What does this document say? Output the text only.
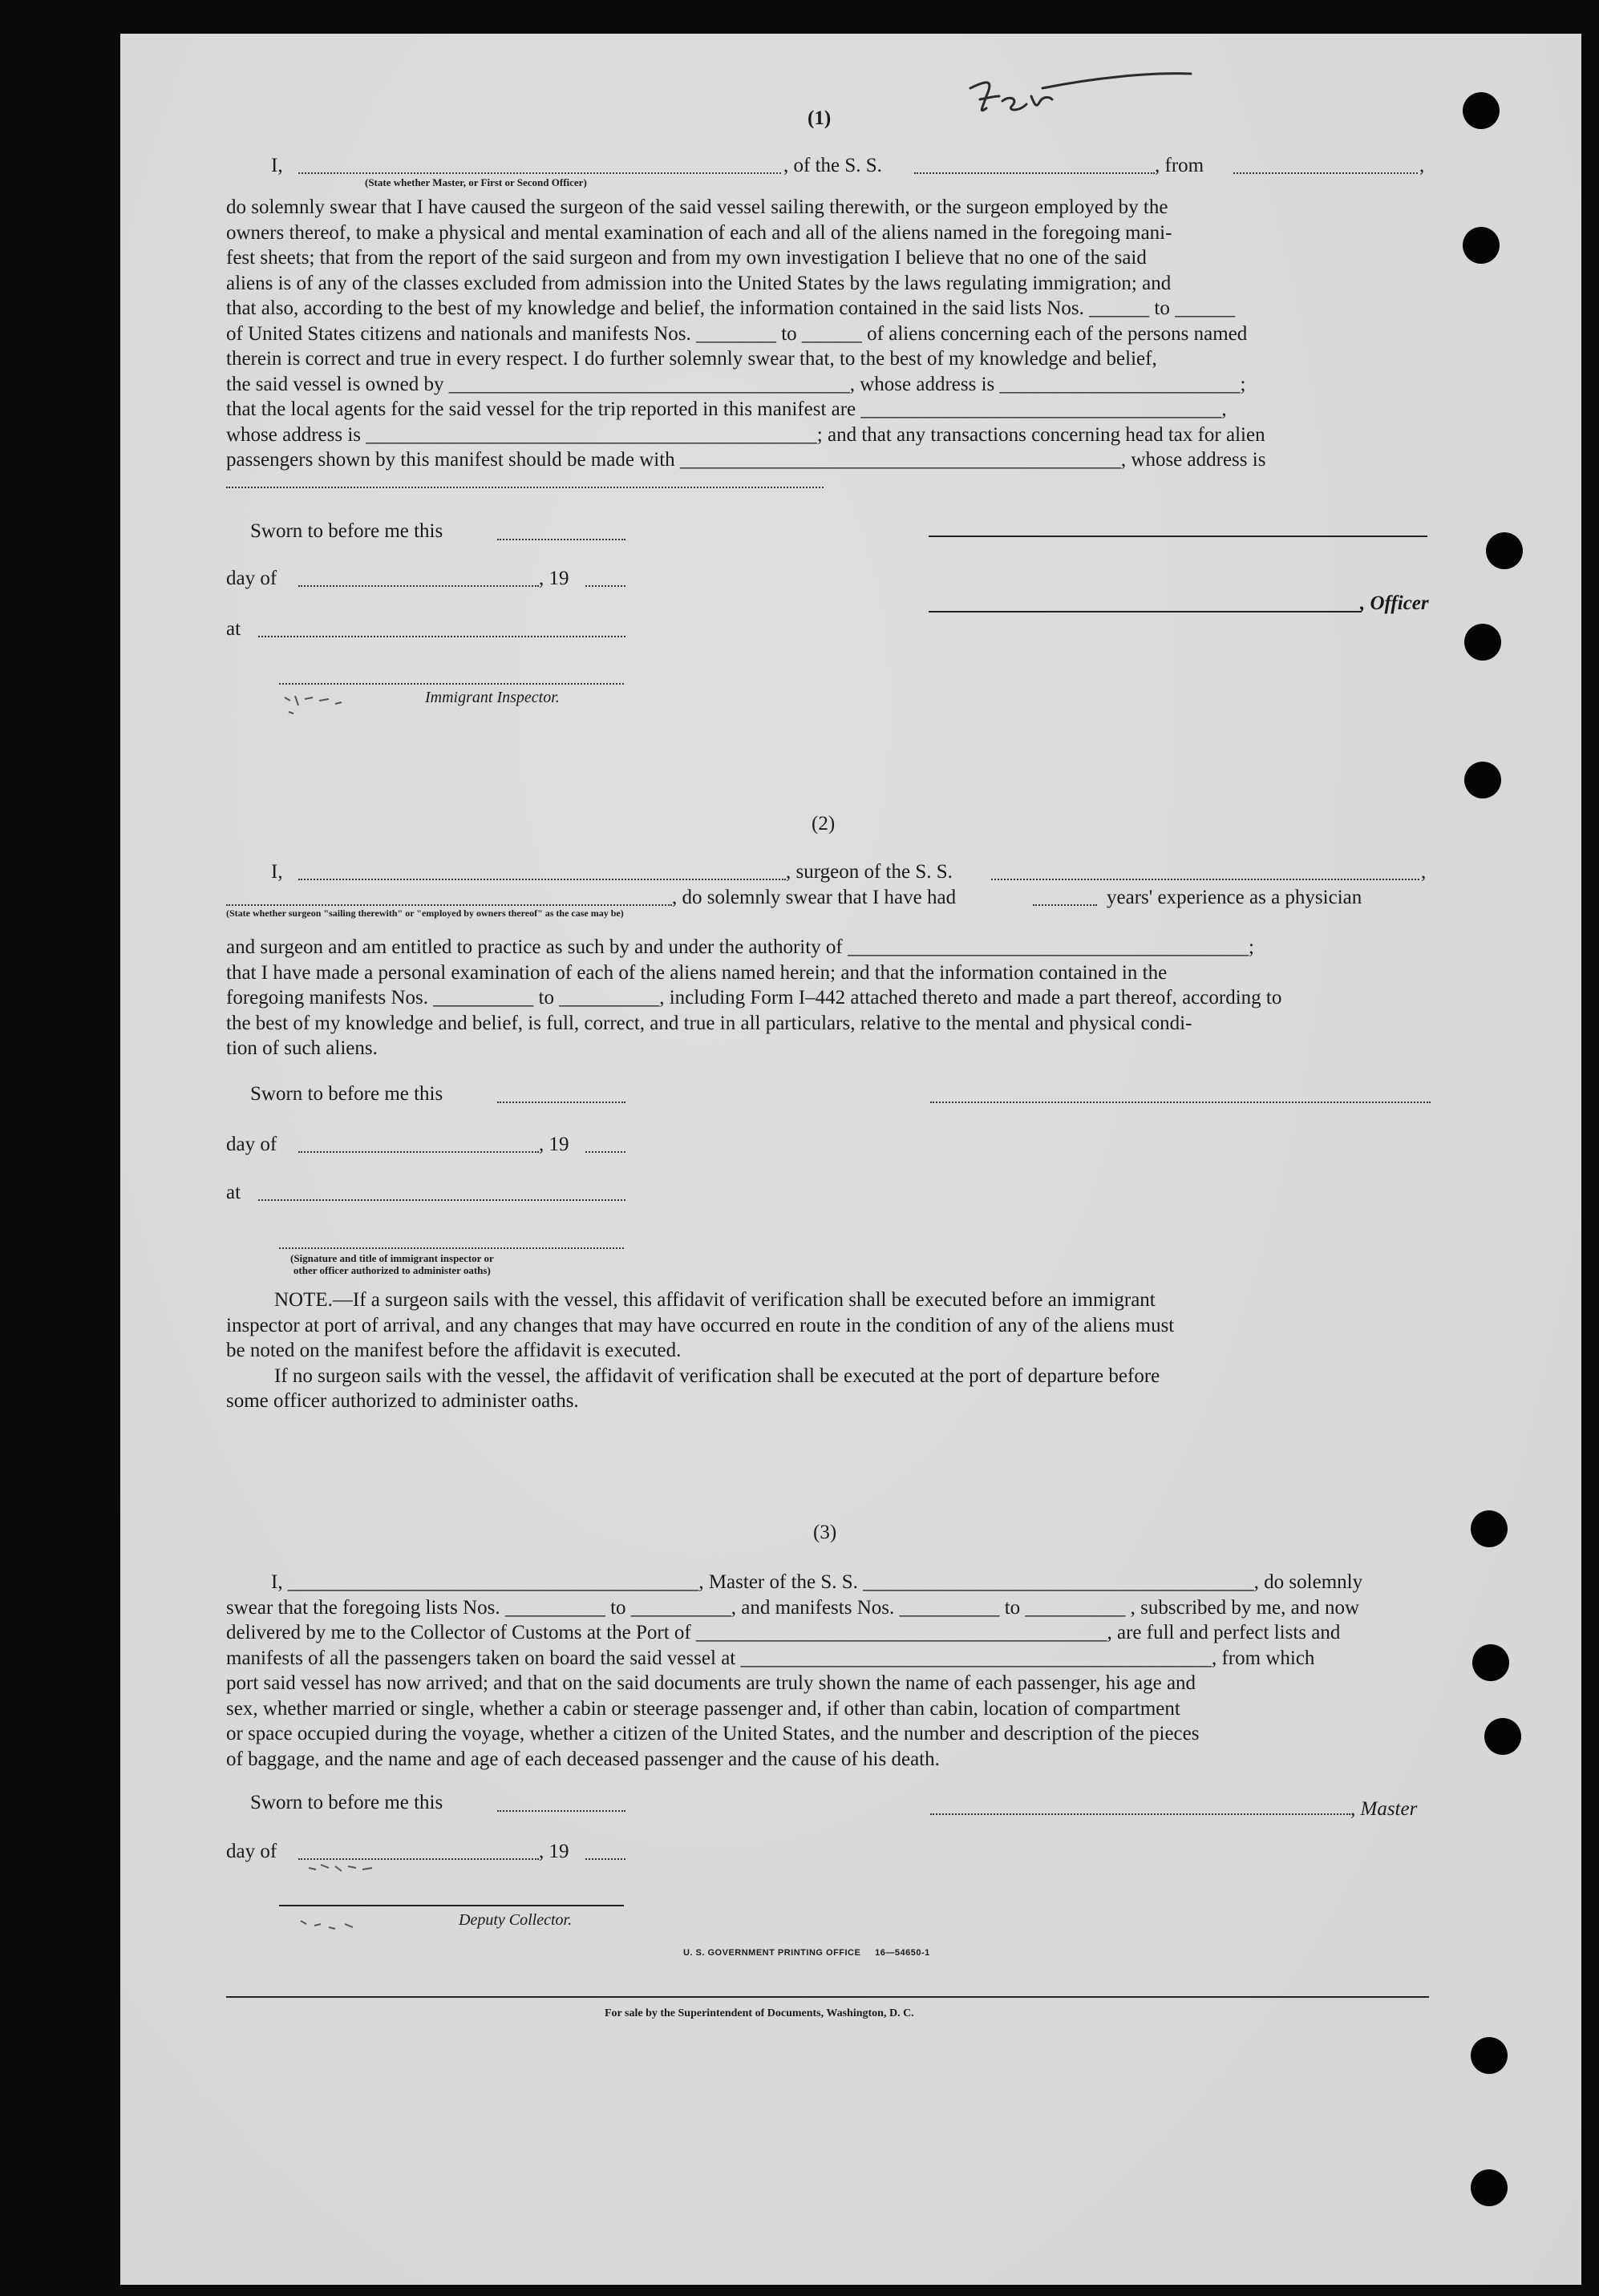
(1)
I,	, of the S. S.	, from	,
(State whether Master, or First or Second Officer)

do solemnly swear that I have caused the surgeon of the said vessel sailing therewith, or the surgeon employed by the

owners thereof, to make a physical and mental examination of each and all of the aliens named in the foregoing mani-

fest sheets; that from the report of the said surgeon and from my own investigation I believe that no one of the said

aliens is of any of the classes excluded from admission into the United States by the laws regulating immigration; and

that also, according to the best of my knowledge and belief, the information contained in the said lists Nos. ______ to ______

of United States citizens and nationals and manifests Nos. ________ to ______ of aliens concerning each of the persons named

therein is correct and true in every respect. I do further solemnly swear that, to the best of my knowledge and belief,

the said vessel is owned by ________________________________________, whose address is ________________________;

that the local agents for the said vessel for the trip reported in this manifest are ____________________________________,

whose address is _____________________________________________; and that any transactions concerning head tax for alien

passengers shown by this manifest should be made with ____________________________________________, whose address is

Sworn to before me this
day of	, 19
, Officer
at
Immigrant Inspector.
(2)
I,	, surgeon of the S. S.	,
, do solemnly swear that I have had	years' experience as a physician
(State whether surgeon "sailing therewith" or "employed by owners thereof" as the case may be)

and surgeon and am entitled to practice as such by and under the authority of ________________________________________;

that I have made a personal examination of each of the aliens named herein; and that the information contained in the

foregoing manifests Nos. __________ to __________, including Form I–442 attached thereto and made a part thereof, according to

the best of my knowledge and belief, is full, correct, and true in all particulars, relative to the mental and physical condi-

tion of such aliens.

Sworn to before me this
day of	, 19
at
(Signature and title of immigrant inspector or
other officer authorized to administer oaths)

NOTE.—If a surgeon sails with the vessel, this affidavit of verification shall be executed before an immigrant

inspector at port of arrival, and any changes that may have occurred en route in the condition of any of the aliens must

be noted on the manifest before the affidavit is executed.

If no surgeon sails with the vessel, the affidavit of verification shall be executed at the port of departure before

some officer authorized to administer oaths.

(3)

I, _________________________________________, Master of the S. S. _______________________________________, do solemnly

swear that the foregoing lists Nos. __________ to __________, and manifests Nos. __________ to __________ , subscribed by me, and now

delivered by me to the Collector of Customs at the Port of _________________________________________, are full and perfect lists and

manifests of all the passengers taken on board the said vessel at _______________________________________________, from which

port said vessel has now arrived; and that on the said documents are truly shown the name of each passenger, his age and

sex, whether married or single, whether a cabin or steerage passenger and, if other than cabin, location of compartment

or space occupied during the voyage, whether a citizen of the United States, and the number and description of the pieces

of baggage, and the name and age of each deceased passenger and the cause of his death.

Sworn to before me this	, Master
day of	, 19
Deputy Collector.
U. S. GOVERNMENT PRINTING OFFICE     16—54650-1
For sale by the Superintendent of Documents, Washington, D. C.
